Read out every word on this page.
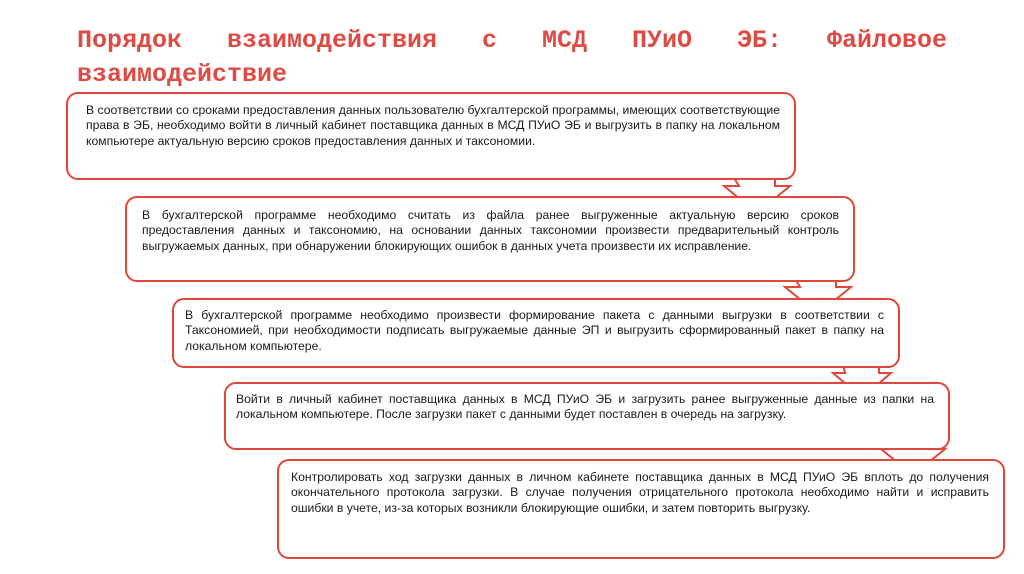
Порядок взаимодействия с МСД ПУиО ЭБ: Файловое
взаимодействие
В соответствии со сроками предоставления данных пользователю бухгалтерской программы, имеющих соответствующие права в ЭБ, необходимо войти в личный кабинет поставщика данных в МСД ПУиО ЭБ и выгрузить в папку на локальном компьютере актуальную версию сроков предоставления данных и таксономии.
В бухгалтерской программе необходимо считать из файла ранее выгруженные актуальную версию сроков предоставления данных и таксономию, на основании данных таксономии произвести предварительный контроль выгружаемых данных, при обнаружении блокирующих ошибок в данных учета произвести их исправление.
В бухгалтерской программе необходимо произвести формирование пакета с данными выгрузки в соответствии с Таксономией, при необходимости подписать выгружаемые данные ЭП и выгрузить сформированный пакет в папку на локальном компьютере.
Войти в личный кабинет поставщика данных в МСД ПУиО ЭБ и загрузить ранее выгруженные данные из папки на локальном компьютере. После загрузки пакет с данными будет поставлен в очередь на загрузку.
Контролировать ход загрузки данных в личном кабинете поставщика данных в МСД ПУиО ЭБ вплоть до получения окончательного протокола загрузки. В случае получения отрицательного протокола необходимо найти и исправить ошибки в учете, из-за которых возникли блокирующие ошибки, и затем повторить выгрузку.
